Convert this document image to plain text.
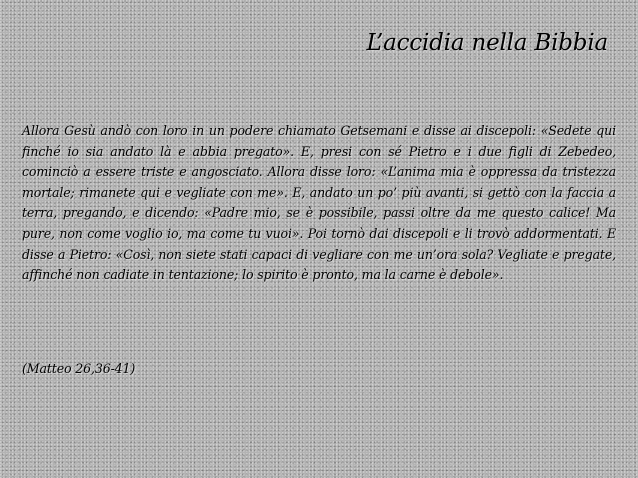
L’accidia nella Bibbia

Allora Gesù andò con loro in un podere chiamato Getsemani e disse ai discepoli: «Sedete qui finché io sia andato là e abbia pregato». E, presi con sé Pietro e i due figli di Zebedeo, cominciò a essere triste e angosciato. Allora disse loro: «L’anima mia è oppressa da tristezza mortale; rimanete qui e vegliate con me». E, andato un po’ più avanti, si gettò con la faccia a terra, pregando, e dicendo: «Padre mio, se è possibile, passi oltre da me questo calice! Ma pure, non come voglio io, ma come tu vuoi». Poi tornò dai discepoli e li trovò addormentati. E disse a Pietro: «Così, non siete stati capaci di vegliare con me un’ora sola? Vegliate e pregate, affinché non cadiate in tentazione; lo spirito è pronto, ma la carne è debole».

(Matteo 26,36-41)
